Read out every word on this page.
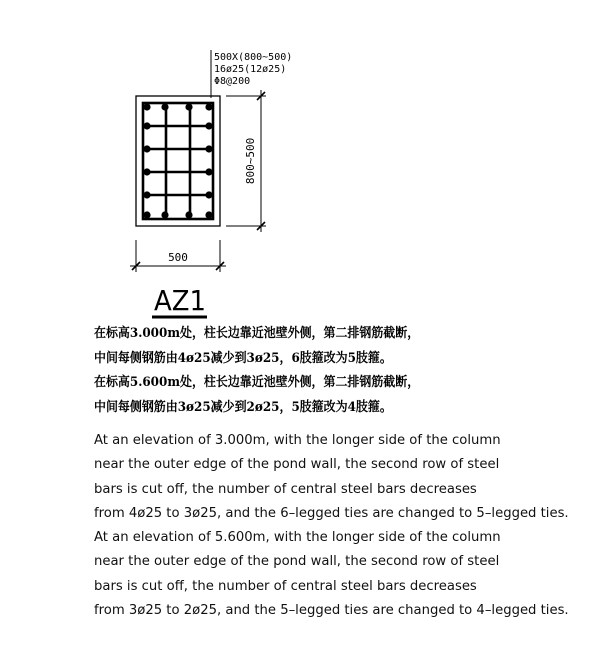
500X(800~500)
16ø25(12ø25)
Φ8@200
500
800~500
AZ1
在标高3.000m处，柱长边靠近池壁外侧，第二排钢筋截断，
中间每侧钢筋由4ø25减少到3ø25，6肢箍改为5肢箍。
在标高5.600m处，柱长边靠近池壁外侧，第二排钢筋截断，
中间每侧钢筋由3ø25减少到2ø25，5肢箍改为4肢箍。
At an elevation of 3.000m, with the longer side of the column
near the outer edge of the pond wall, the second row of steel
bars is cut off, the number of central steel bars decreases
from 4ø25 to 3ø25, and the 6–legged ties are changed to 5–legged ties.
At an elevation of 5.600m, with the longer side of the column
near the outer edge of the pond wall, the second row of steel
bars is cut off, the number of central steel bars decreases
from 3ø25 to 2ø25, and the 5–legged ties are changed to 4–legged ties.
